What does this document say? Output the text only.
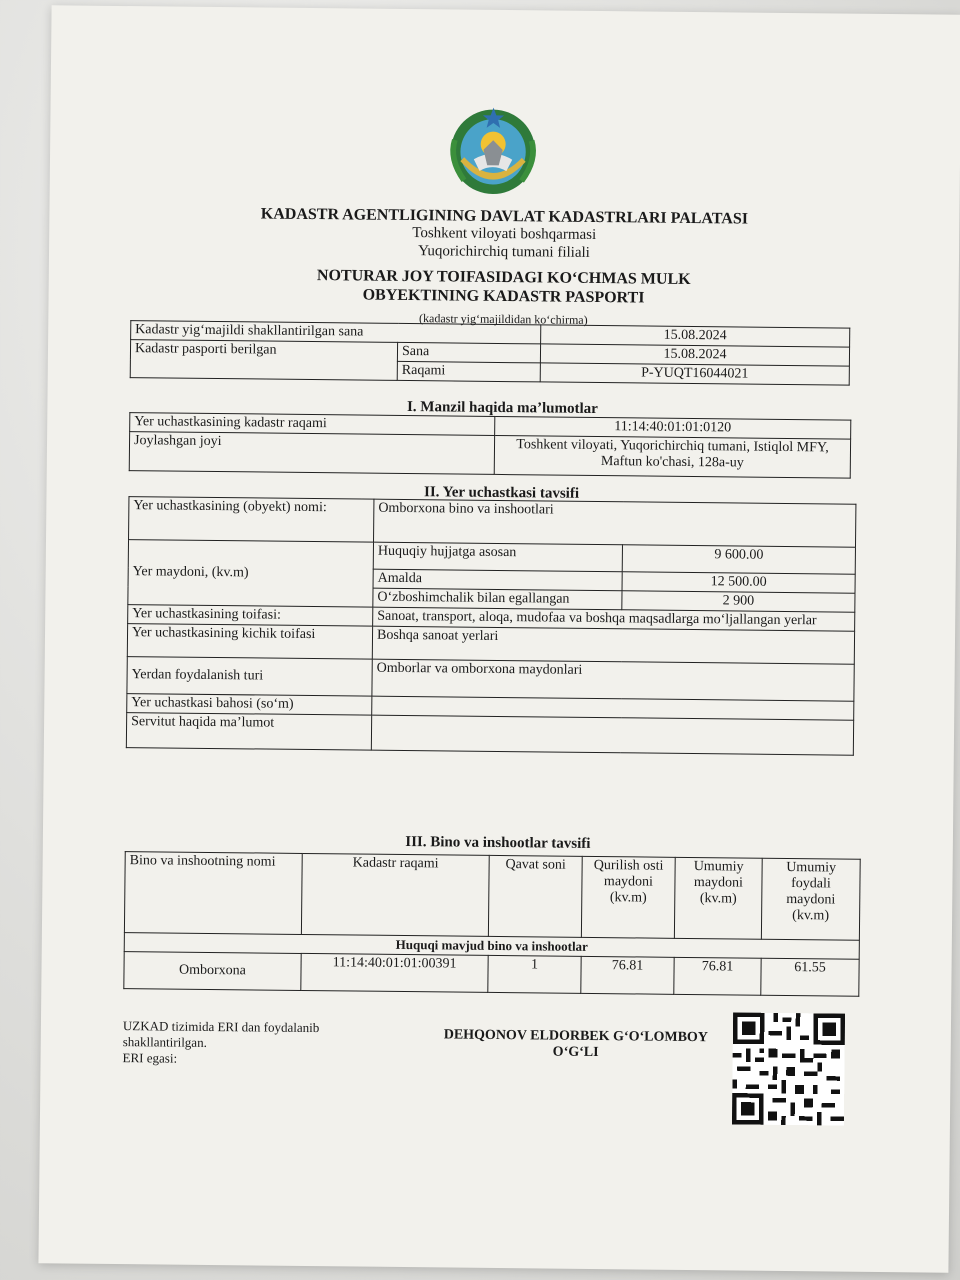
KADASTR AGENTLIGINING DAVLAT KADASTRLARI PALATASI
Toshkent viloyati boshqarmasi
Yuqorichirchiq tumani filiali
NOTURAR JOY TOIFASIDAGI KO‘CHMAS MULK
OBYEKTINING KADASTR PASPORTI
(kadastr yig‘majildidan ko‘chirma)
Kadastr yig‘majildi shakllantirilgan sana		15.08.2024
Kadastr pasporti berilgan	Sana	15.08.2024
	Raqami	P-YUQT16044021
I. Manzil haqida ma’lumotlar
Yer uchastkasining kadastr raqami	11:14:40:01:01:0120
Joylashgan joyi	Toshkent viloyati, Yuqorichirchiq tumani, Istiqlol MFY,
Maftun ko'chasi, 128a-uy
II. Yer uchastkasi tavsifi
Yer uchastkasining (obyekt) nomi:	Omborxona bino va inshootlari	
Yer maydoni, (kv.m)	Huquqiy hujjatga asosan	9 600.00
	Amalda	12 500.00
	O‘zboshimchalik bilan egallangan	2 900
Yer uchastkasining toifasi:	Sanoat, transport, aloqa, mudofaa va boshqa maqsadlarga mo‘ljallangan yerlar	
Yer uchastkasining kichik toifasi	Boshqa sanoat yerlari	
Yerdan foydalanish turi	Omborlar va omborxona maydonlari	
Yer uchastkasi bahosi (so‘m)		
Servitut haqida ma’lumot		
III. Bino va inshootlar tavsifi
Bino va inshootning nomi	Kadastr raqami	Qavat soni	Qurilish osti maydoni (kv.m)	Umumiy maydoni (kv.m)	Umumiy foydali maydoni (kv.m)
Huquqi mavjud bino va inshootlar					
Omborxona	11:14:40:01:01:00391	1	76.81	76.81	61.55
UZKAD tizimida ERI dan foydalanib
shakllantirilgan.
ERI egasi:
DEHQONOV ELDORBEK G‘O‘LOMBOY
O‘G‘LI
